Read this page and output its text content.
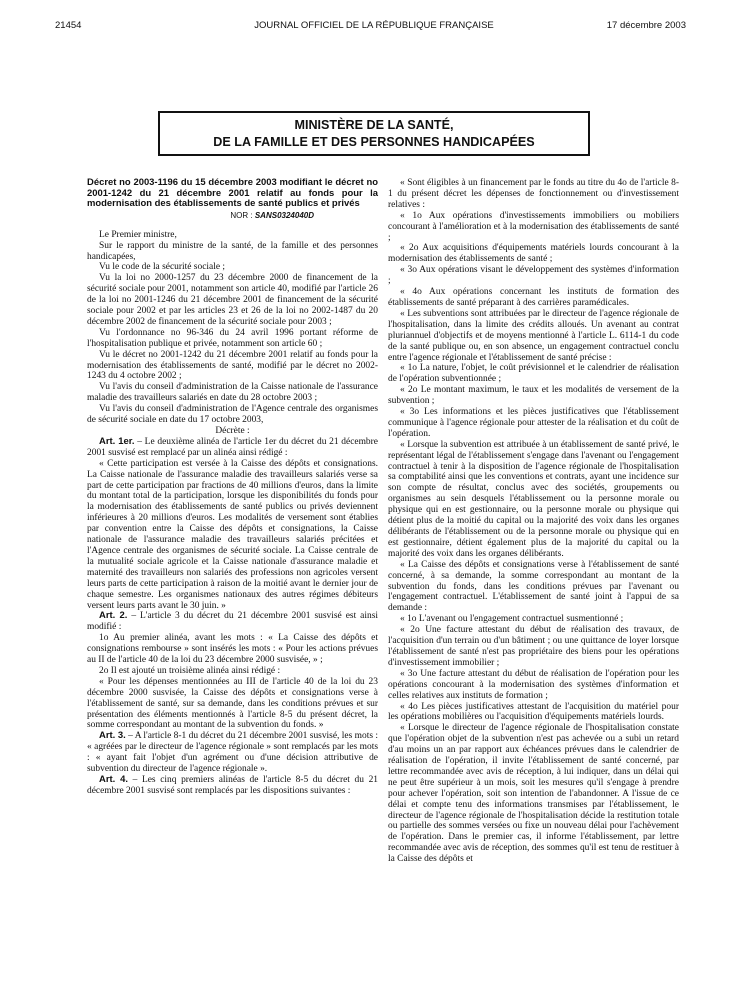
21454	JOURNAL OFFICIEL DE LA RÉPUBLIQUE FRANÇAISE	17 décembre 2003
MINISTÈRE DE LA SANTÉ,
DE LA FAMILLE ET DES PERSONNES HANDICAPÉES

Décret no 2003-1196 du 15 décembre 2003 modifiant le décret no 2001-1242 du 21 décembre 2001 relatif au fonds pour la modernisation des établissements de santé publics et privés

NOR : SANS0324040D

Le Premier ministre,

Sur le rapport du ministre de la santé, de la famille et des personnes handicapées,

Vu le code de la sécurité sociale ;

Vu la loi no 2000-1257 du 23 décembre 2000 de financement de la sécurité sociale pour 2001, notamment son article 40, modifié par l'article 26 de la loi no 2001-1246 du 21 décembre 2001 de financement de la sécurité sociale pour 2002 et par les articles 23 et 26 de la loi no 2002-1487 du 20 décembre 2002 de financement de la sécurité sociale pour 2003 ;

Vu l'ordonnance no 96-346 du 24 avril 1996 portant réforme de l'hospitalisation publique et privée, notamment son article 60 ;

Vu le décret no 2001-1242 du 21 décembre 2001 relatif au fonds pour la modernisation des établissements de santé, modifié par le décret no 2002-1243 du 4 octobre 2002 ;

Vu l'avis du conseil d'administration de la Caisse nationale de l'assurance maladie des travailleurs salariés en date du 28 octobre 2003 ;

Vu l'avis du conseil d'administration de l'Agence centrale des organismes de sécurité sociale en date du 17 octobre 2003,

Décrète :

Art. 1er. – Le deuxième alinéa de l'article 1er du décret du 21 décembre 2001 susvisé est remplacé par un alinéa ainsi rédigé :

« Cette participation est versée à la Caisse des dépôts et consignations. La Caisse nationale de l'assurance maladie des travailleurs salariés verse sa part de cette participation par fractions de 40 millions d'euros, dans la limite du montant total de la participation, lorsque les disponibilités du fonds pour la modernisation des établissements de santé publics ou privés deviennent inférieures à 20 millions d'euros. Les modalités de versement sont établies par convention entre la Caisse des dépôts et consignations, la Caisse nationale de l'assurance maladie des travailleurs salariés précitées et l'Agence centrale des organismes de sécurité sociale. La Caisse centrale de la mutualité sociale agricole et la Caisse nationale d'assurance maladie et maternité des travailleurs non salariés des professions non agricoles versent leurs parts de cette participation à raison de la moitié avant le dernier jour de chaque semestre. Les organismes nationaux des autres régimes débiteurs versent leurs parts avant le 30 juin. »

Art. 2. – L'article 3 du décret du 21 décembre 2001 susvisé est ainsi modifié :

1o Au premier alinéa, avant les mots : « La Caisse des dépôts et consignations rembourse » sont insérés les mots : « Pour les actions prévues au II de l'article 40 de la loi du 23 décembre 2000 susvisée, » ;

2o Il est ajouté un troisième alinéa ainsi rédigé :

« Pour les dépenses mentionnées au III de l'article 40 de la loi du 23 décembre 2000 susvisée, la Caisse des dépôts et consignations verse à l'établissement de santé, sur sa demande, dans les conditions prévues et sur présentation des éléments mentionnés à l'article 8-5 du présent décret, la somme correspondant au montant de la subvention du fonds. »

Art. 3. – A l'article 8-1 du décret du 21 décembre 2001 susvisé, les mots : « agréées par le directeur de l'agence régionale » sont remplacés par les mots : « ayant fait l'objet d'un agrément ou d'une décision attributive de subvention du directeur de l'agence régionale ».

Art. 4. – Les cinq premiers alinéas de l'article 8-5 du décret du 21 décembre 2001 susvisé sont remplacés par les dispositions suivantes :

« Sont éligibles à un financement par le fonds au titre du 4o de l'article 8-1 du présent décret les dépenses de fonctionnement ou d'investissement relatives :

« 1o Aux opérations d'investissements immobiliers ou mobiliers concourant à l'amélioration et à la modernisation des établissements de santé ;

« 2o Aux acquisitions d'équipements matériels lourds concourant à la modernisation des établissements de santé ;

« 3o Aux opérations visant le développement des systèmes d'information ;

« 4o Aux opérations concernant les instituts de formation des établissements de santé préparant à des carrières paramédicales.

« Les subventions sont attribuées par le directeur de l'agence régionale de l'hospitalisation, dans la limite des crédits alloués. Un avenant au contrat pluriannuel d'objectifs et de moyens mentionné à l'article L. 6114-1 du code de la santé publique ou, en son absence, un engagement contractuel conclu entre l'agence régionale et l'établissement de santé précise :

« 1o La nature, l'objet, le coût prévisionnel et le calendrier de réalisation de l'opération subventionnée ;

« 2o Le montant maximum, le taux et les modalités de versement de la subvention ;

« 3o Les informations et les pièces justificatives que l'établissement communique à l'agence régionale pour attester de la réalisation et du coût de l'opération.

« Lorsque la subvention est attribuée à un établissement de santé privé, le représentant légal de l'établissement s'engage dans l'avenant ou l'engagement contractuel à tenir à la disposition de l'agence régionale de l'hospitalisation sa comptabilité ainsi que les conventions et contrats, ayant une incidence sur son compte de résultat, conclus avec des sociétés, groupements ou organismes au sein desquels l'établissement ou la personne morale ou physique qui en est gestionnaire, ou la personne morale ou physique qui détient plus de la moitié du capital ou la majorité des voix dans les organes délibérants de l'établissement ou de la personne morale ou physique qui en est gestionnaire, détient également plus de la majorité du capital ou la majorité des voix dans les organes délibérants.

« La Caisse des dépôts et consignations verse à l'établissement de santé concerné, à sa demande, la somme correspondant au montant de la subvention du fonds, dans les conditions prévues par l'avenant ou l'engagement contractuel. L'établissement de santé joint à l'appui de sa demande :

« 1o L'avenant ou l'engagement contractuel susmentionné ;

« 2o Une facture attestant du début de réalisation des travaux, de l'acquisition d'un terrain ou d'un bâtiment ; ou une quittance de loyer lorsque l'établissement de santé n'est pas propriétaire des biens pour les opérations d'investissement immobilier ;

« 3o Une facture attestant du début de réalisation de l'opération pour les opérations concourant à la modernisation des systèmes d'information et celles relatives aux instituts de formation ;

« 4o Les pièces justificatives attestant de l'acquisition du matériel pour les opérations mobilières ou l'acquisition d'équipements matériels lourds.

« Lorsque le directeur de l'agence régionale de l'hospitalisation constate que l'opération objet de la subvention n'est pas achevée ou a subi un retard d'au moins un an par rapport aux échéances prévues dans le calendrier de réalisation de l'opération, il invite l'établissement de santé concerné, par lettre recommandée avec avis de réception, à lui indiquer, dans un délai qui ne peut être supérieur à un mois, soit les mesures qu'il s'engage à prendre pour achever l'opération, soit son intention de l'abandonner. A l'issue de ce délai et compte tenu des informations transmises par l'établissement, le directeur de l'agence régionale de l'hospitalisation décide la restitution totale ou partielle des sommes versées ou fixe un nouveau délai pour l'achèvement de l'opération. Dans le premier cas, il informe l'établissement, par lettre recommandée avec avis de réception, des sommes qu'il est tenu de restituer à la Caisse des dépôts et
